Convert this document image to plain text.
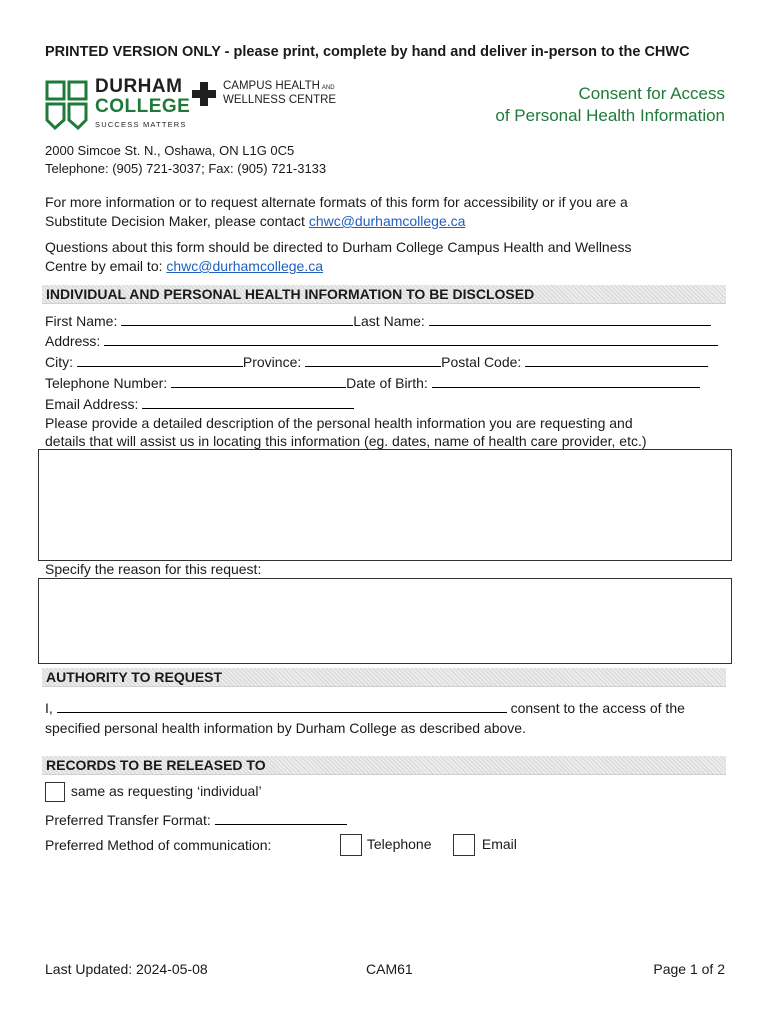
PRINTED VERSION ONLY - please print, complete by hand and deliver in-person to the CHWC
DURHAM
COLLEGE
SUCCESS MATTERS
CAMPUS HEALTH AND
WELLNESS CENTRE	Consent for Access
of Personal Health Information
2000 Simcoe St. N., Oshawa, ON L1G 0C5
Telephone: (905) 721-3037; Fax: (905) 721-3133
For more information or to request alternate formats of this form for accessibility or if you are a
Substitute Decision Maker, please contact chwc@durhamcollege.ca
Questions about this form should be directed to Durham College Campus Health and Wellness
Centre by email to: chwc@durhamcollege.ca
INDIVIDUAL AND PERSONAL HEALTH INFORMATION TO BE DISCLOSED
First Name:	Last Name:
Address:
City:	Province:	Postal Code:
Telephone Number:	Date of Birth:
Email Address:
Please provide a detailed description of the personal health information you are requesting and
details that will assist us in locating this information (eg. dates, name of health care provider, etc.)
Specify the reason for this request:
AUTHORITY TO REQUEST
I,	consent to the access of the
specified personal health information by Durham College as described above.
RECORDS TO BE RELEASED TO
same as requesting ‘individual’
Preferred Transfer Format:
Preferred Method of communication:	Telephone	Email
Last Updated: 2024-05-08	CAM61	Page 1 of 2
